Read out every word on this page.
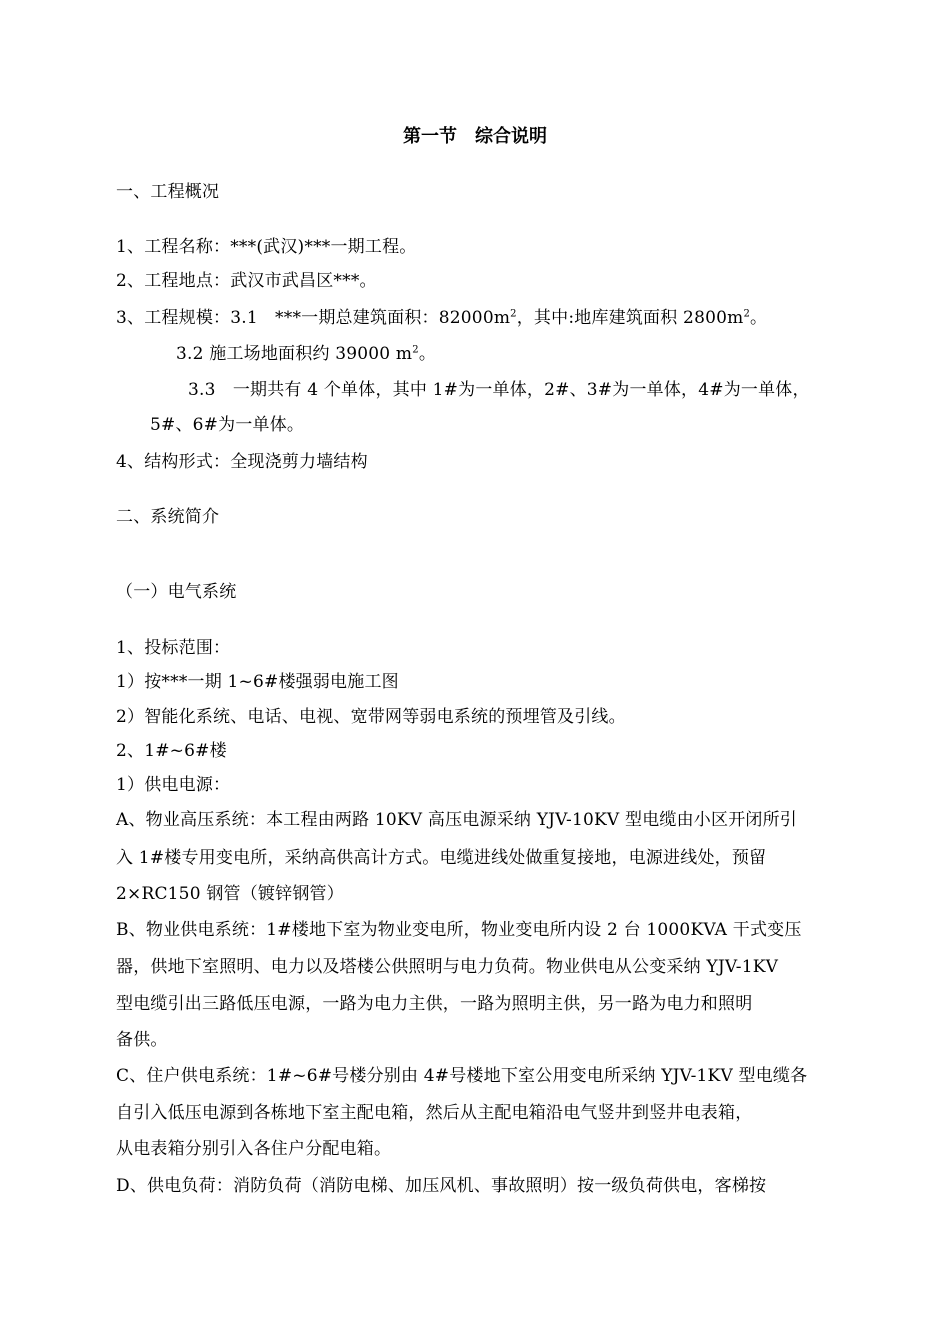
第一节　综合说明
一、工程概况
1、工程名称：***(武汉)***一期工程。
2、工程地点：武汉市武昌区***。
3、工程规模：3.1　***一期总建筑面积：$82000m^2$，其中:地库建筑面积 $2800m^2$。
3.2 施工场地面积约 39000 $m^2$。
3.3　一期共有 4 个单体，其中 1#为一单体，2#、3#为一单体，4#为一单体，
5#、6#为一单体。
4、结构形式：全现浇剪力墙结构
二、系统简介
（一）电气系统
1、投标范围：
1）按***一期 1~6#楼强弱电施工图
2）智能化系统、电话、电视、宽带网等弱电系统的预埋管及引线。
2、1#~6#楼
1）供电电源：
A、物业高压系统：本工程由两路 10KV 高压电源采纳 YJV-10KV 型电缆由小区开闭所引
入 1#楼专用变电所，采纳高供高计方式。电缆进线处做重复接地，电源进线处，预留
2×RC150 钢管（镀锌钢管）
B、物业供电系统：1#楼地下室为物业变电所，物业变电所内设 2 台 1000KVA 干式变压
器，供地下室照明、电力以及塔楼公供照明与电力负荷。物业供电从公变采纳 YJV-1KV
型电缆引出三路低压电源，一路为电力主供，一路为照明主供，另一路为电力和照明
备供。
C、住户供电系统：1#~6#号楼分别由 4#号楼地下室公用变电所采纳 YJV-1KV 型电缆各
自引入低压电源到各栋地下室主配电箱，然后从主配电箱沿电气竖井到竖井电表箱，
从电表箱分别引入各住户分配电箱。
D、供电负荷：消防负荷（消防电梯、加压风机、事故照明）按一级负荷供电，客梯按
